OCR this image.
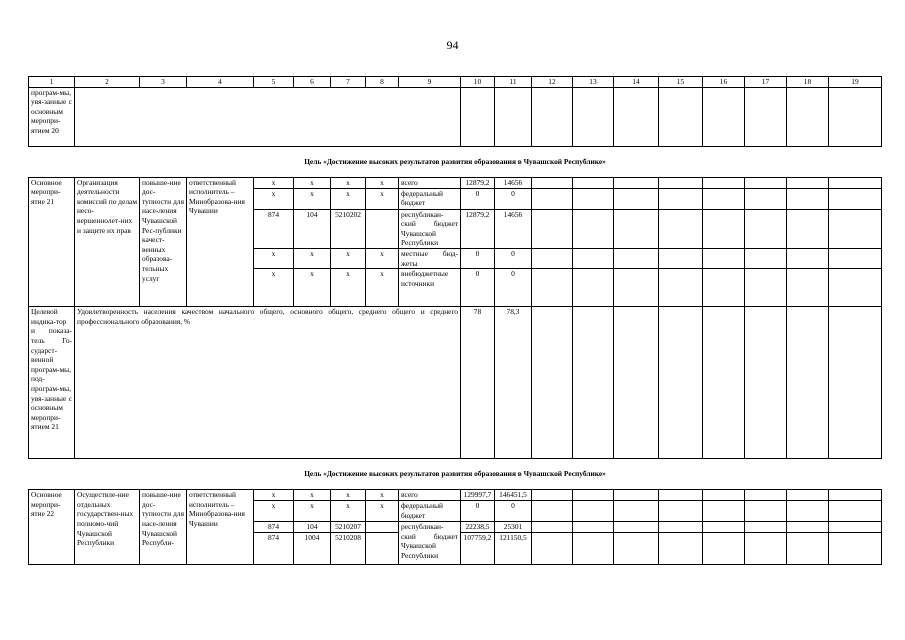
94
1	2	3	4	5	6	7	8	9	10	11	12	13	14	15	16	17	18	19
програм-мы, увя-занные с основным меропри-ятием 20																		
Цель «Достижение высоких результатов развития образования в Чувашской Республике»																		
Основное меропри-ятие 21	Организация деятельности комиссий по делам несо-вершеннолет-них и защите их прав	повыше-ние дос-тупности для насе-ления Чувашской Рес-публики качест-венных образова-тельных услуг	ответственный исполнитель – Минобразова-ния Чувашии	x	x	x	x	всего	12879,2	14656								
				x	x	x	x	федеральный бюджет	0	0								
				874	104	5210202		республикан-ский бюджет Чувашской Республики	12879,2	14656								
				x	x	x	x	местные бюд-жеты	0	0								
				x	x	x	x	внебюджетные источники	0	0								
Целевой индика-тор и показа-тель Го-сударст-венной програм-мы, под-програм-мы, увя-занные с основным меропри-ятием 21	Удовлетворенность населения качеством начального общего, основного общего, среднего общего и среднего профессионального образования, %								78	78,3								
Цель «Достижение высоких результатов развития образования в Чувашской Республике»																		
Основное меропри-ятие 22	Осуществле-ние отдельных государствен-ных полномо-чий Чувашской Республики	повыше-ние дос-тупности для насе-ления Чувашской Республи-	ответственный исполнитель – Минобразова-ния Чувашии	x	x	x	x	всего	129997,7	146451,5								
				x	x	x	x	федеральный бюджет	0	0								
				874	104	5210207		республикан-ский бюджет Чувашской Республики	22238,5	25301								
				874	1004	5210208			107759,2	121150,5								
